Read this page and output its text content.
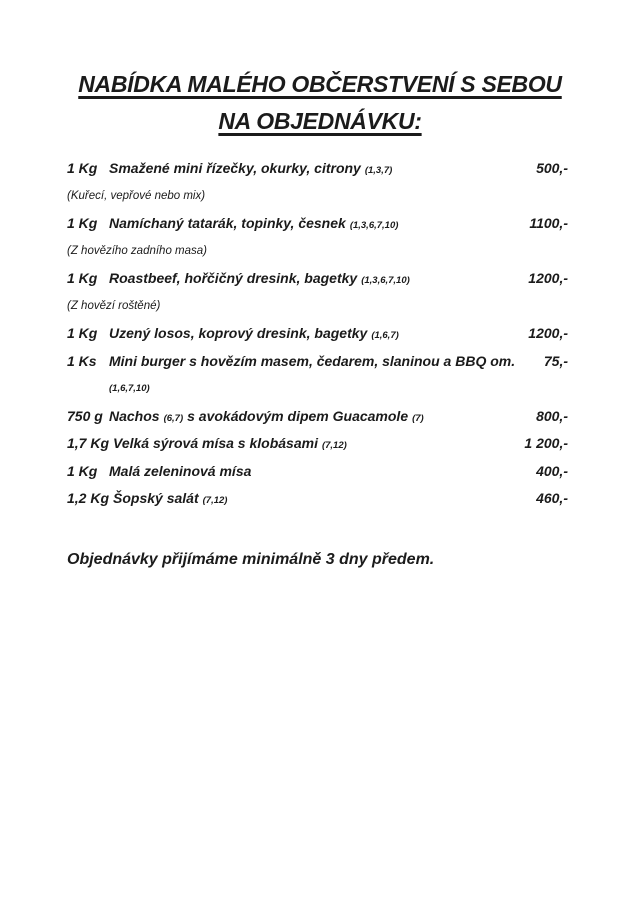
NABÍDKA MALÉHO OBČERSTVENÍ S SEBOU
NA OBJEDNÁVKU:
1 Kg Smažené mini řízečky, okurky, citrony (1,3,7)	500,-
(Kuřecí, vepřové nebo mix)
1 Kg Namíchaný tatarák, topinky, česnek (1,3,6,7,10)	1100,-
(Z hovězího zadního masa)
1 Kg Roastbeef, hořčičný dresink, bagetky (1,3,6,7,10)	1200,-
(Z hovězí roštěné)
1 Kg Uzený losos, koprový dresink, bagetky (1,6,7)	1200,-
1 Ks Mini burger s hovězím masem, čedarem, slaninou a BBQ om. 75,-
(1,6,7,10)
750 g Nachos (6,7) s avokádovým dipem Guacamole (7)	800,-
1,7 Kg Velká sýrová mísa s klobásami (7,12)	1 200,-
1 Kg Malá zeleninová mísa	400,-
1,2 Kg Šopský salát (7,12)	460,-
Objednávky přijímáme minimálně 3 dny předem.
